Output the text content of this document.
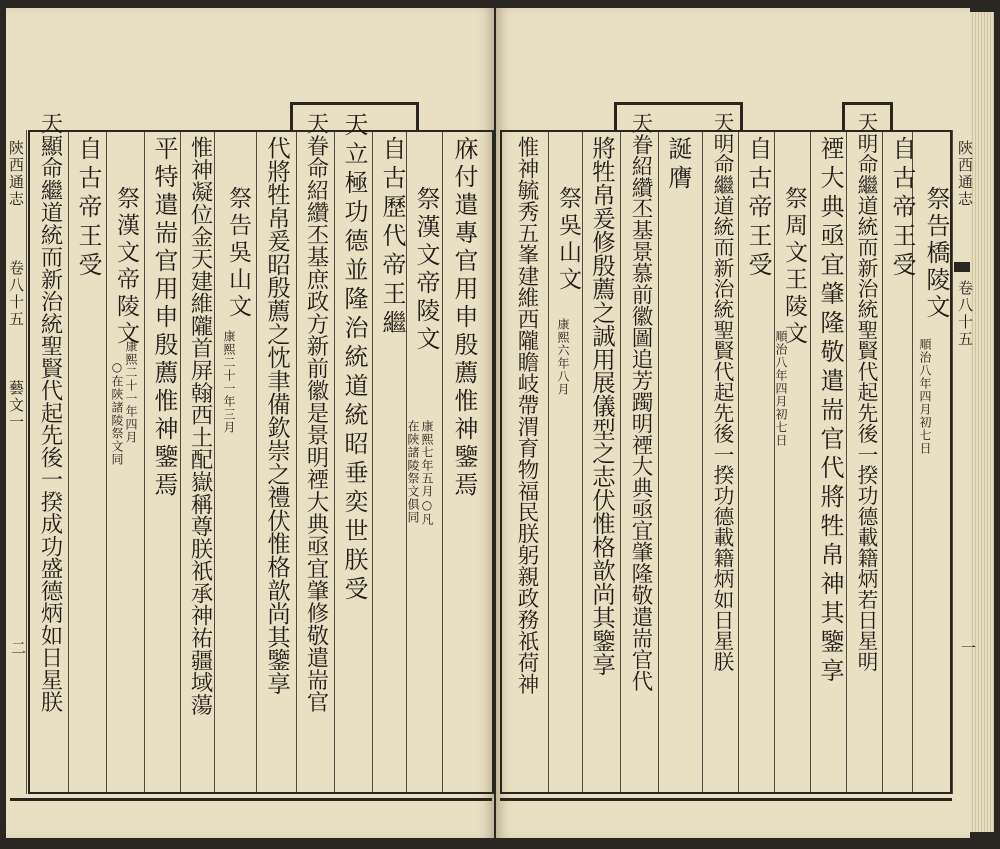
陝西通志
卷八十五
一
祭告橋陵文
順治八年四月初七日
天明命繼道統而新治統聖賢代起先後一揆功德載籍炳若日星明
禋大典亟宜肇隆敬遣耑官代將牲帛神其鑒享 自古帝王受
祭周文王陵文
順治八年四月初七日
自古帝王受
天明命繼道統而新治統聖賢代起先後一揆功德載籍炳如日星朕
誕膺
天眷紹纘丕基景慕前徽圖追芳躅明禋大典亟宜肇隆敬遣耑官代
將牲帛爰修殷薦之誠用展儀型之志伏惟格歆尚其鑒享
祭吳山文
康熙六年八月
惟神毓秀五峯建維西隴瞻岐帶渭育物福民朕躬親政務祇荷神
陝西通志
卷八十五
藝文一
二
庥付遣專官用申殷薦惟神鑒焉
祭漢文帝陵文
在陝諸陵祭文俱同 康熙七年五月○凡
自古歷代帝王繼
天立極功德並隆治統道統昭垂奕世朕受
天眷命紹纘丕基庶政方新前徽是景明禋大典亟宜肇修敬遣耑官
代將牲帛爰昭殷薦之忱聿備欽崇之禮伏惟格歆尚其鑒享
祭告吳山文
康熙二十一年三月
惟神凝位金天建維隴首屏翰西土配嶽稱尊朕祇承神祐疆域蕩
平特遣耑官用申殷薦惟神鑒焉
祭漢文帝陵文
○在陝諸陵祭文同 康熙二十一年四月
自古帝王受
天顯命繼道統而新治統聖賢代起先後一揆成功盛德炳如日星朕
